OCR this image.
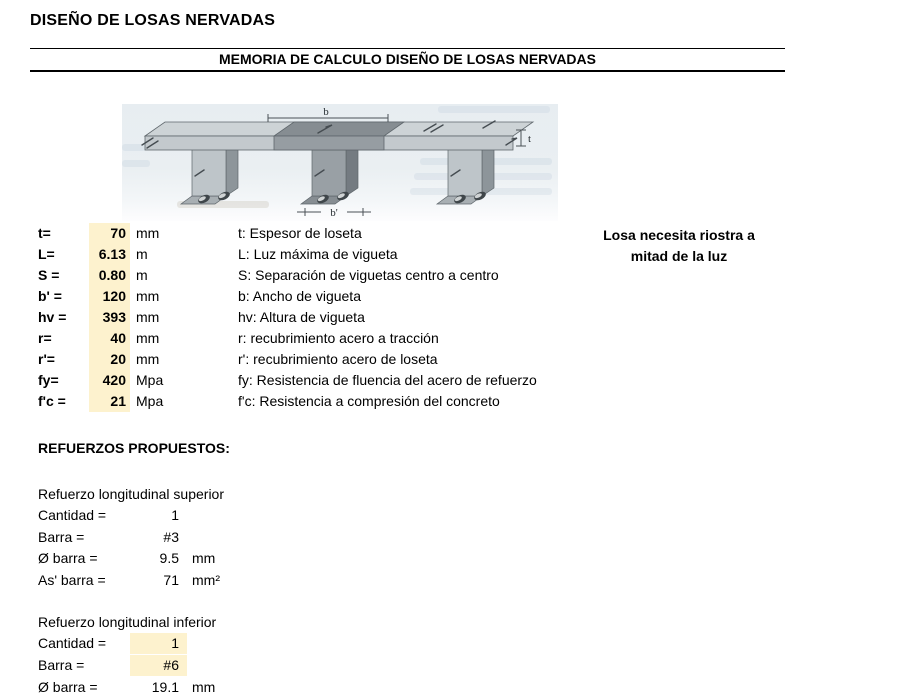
DISEÑO DE LOSAS NERVADAS
MEMORIA DE CALCULO DISEÑO DE LOSAS NERVADAS
b
t
b'
Losa necesita riostra a
mitad de la luz
t=	70 mm	t: Espesor de loseta
L=	6.13 m	L: Luz máxima de vigueta
S =	0.80 m	S: Separación de viguetas centro a centro
b' =	120 mm	b: Ancho de vigueta
hv =	393 mm	hv: Altura de vigueta
r=	40 mm	r: recubrimiento acero a tracción
r'=	20 mm	r': recubrimiento acero de loseta
fy=	420 Mpa	fy: Resistencia de fluencia del acero de refuerzo
f'c =	21 Mpa	f'c: Resistencia a compresión del concreto
REFUERZOS PROPUESTOS:
Refuerzo longitudinal superior
Cantidad =	1
Barra =	#3
Ø barra =	9.5 mm
As' barra =	71 mm²
Refuerzo longitudinal inferior
Cantidad =	1
Barra =	#6
Ø barra =	19.1 mm
